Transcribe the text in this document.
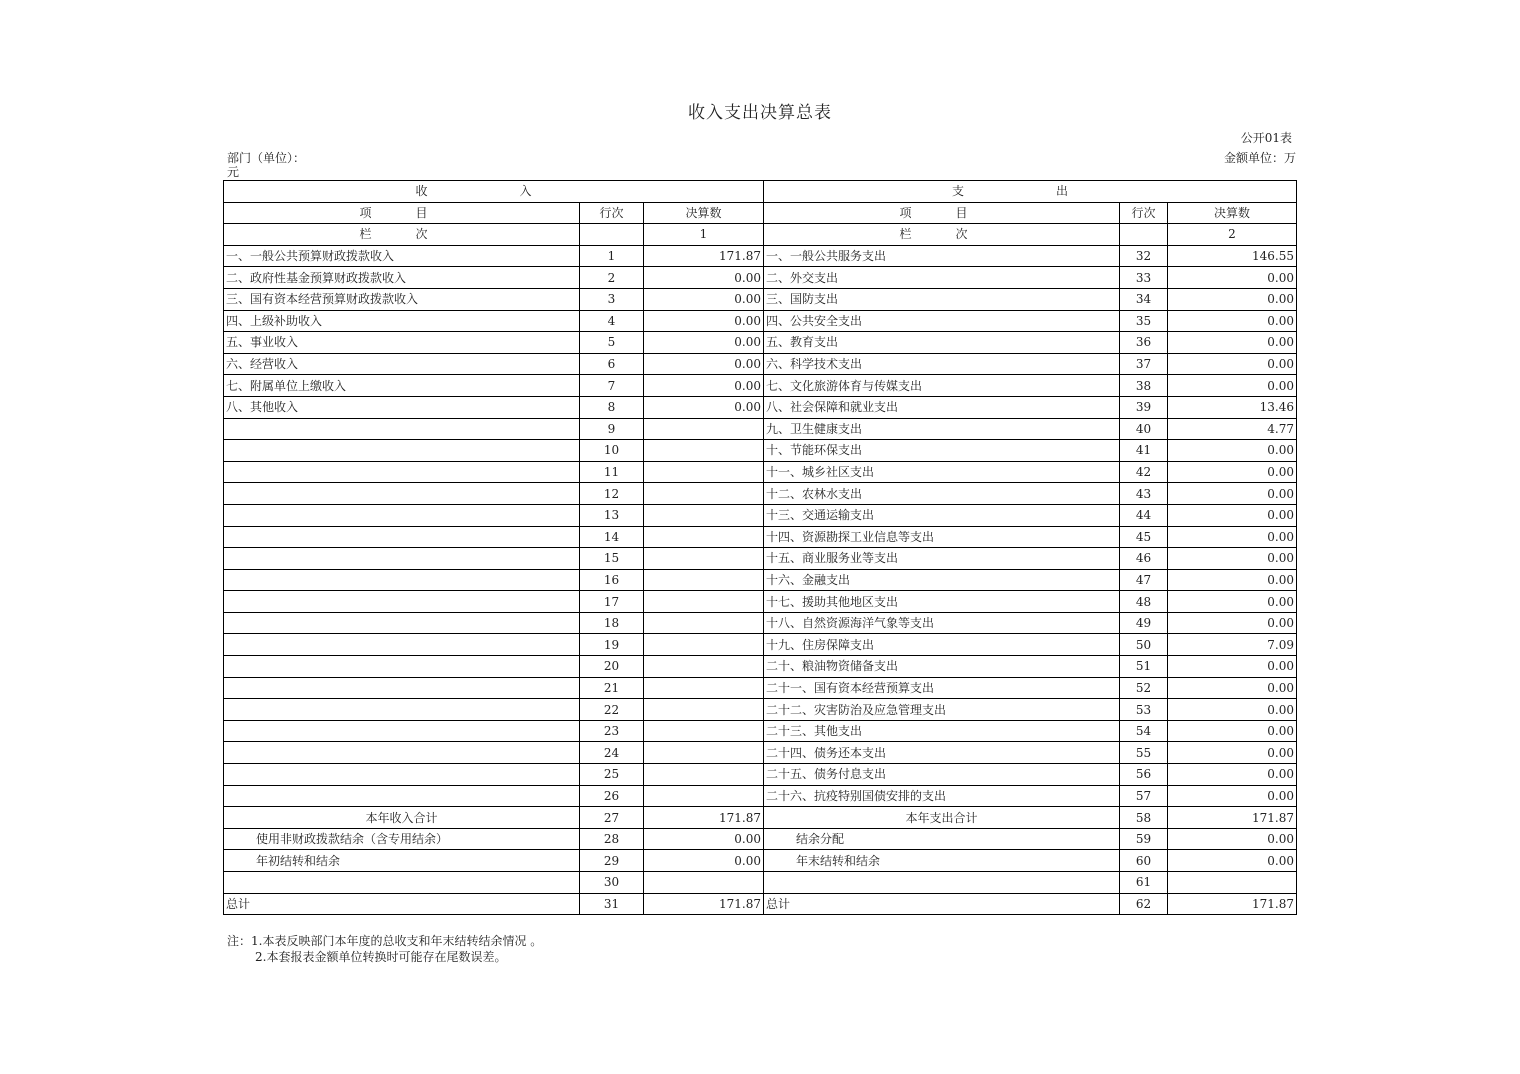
收入支出决算总表
公开01表
部门（单位）：	金额单位：万
元
收　入			支　出		
项　目	行次	决算数	项　目	行次	决算数
栏　次		1	栏　次		2
一、一般公共预算财政拨款收入	1	171.87	一、一般公共服务支出	32	146.55
二、政府性基金预算财政拨款收入	2	0.00	二、外交支出	33	0.00
三、国有资本经营预算财政拨款收入	3	0.00	三、国防支出	34	0.00
四、上级补助收入	4	0.00	四、公共安全支出	35	0.00
五、事业收入	5	0.00	五、教育支出	36	0.00
六、经营收入	6	0.00	六、科学技术支出	37	0.00
七、附属单位上缴收入	7	0.00	七、文化旅游体育与传媒支出	38	0.00
八、其他收入	8	0.00	八、社会保障和就业支出	39	13.46
	9		九、卫生健康支出	40	4.77
	10		十、节能环保支出	41	0.00
	11		十一、城乡社区支出	42	0.00
	12		十二、农林水支出	43	0.00
	13		十三、交通运输支出	44	0.00
	14		十四、资源勘探工业信息等支出	45	0.00
	15		十五、商业服务业等支出	46	0.00
	16		十六、金融支出	47	0.00
	17		十七、援助其他地区支出	48	0.00
	18		十八、自然资源海洋气象等支出	49	0.00
	19		十九、住房保障支出	50	7.09
	20		二十、粮油物资储备支出	51	0.00
	21		二十一、国有资本经营预算支出	52	0.00
	22		二十二、灾害防治及应急管理支出	53	0.00
	23		二十三、其他支出	54	0.00
	24		二十四、债务还本支出	55	0.00
	25		二十五、债务付息支出	56	0.00
	26		二十六、抗疫特别国债安排的支出	57	0.00
本年收入合计	27	171.87	本年支出合计	58	171.87
使用非财政拨款结余（含专用结余）	28	0.00	结余分配	59	0.00
年初结转和结余	29	0.00	年末结转和结余	60	0.00
	30			61	
总计	31	171.87	总计	62	171.87
注：1.本表反映部门本年度的总收支和年末结转结余情况 。
2.本套报表金额单位转换时可能存在尾数误差。
